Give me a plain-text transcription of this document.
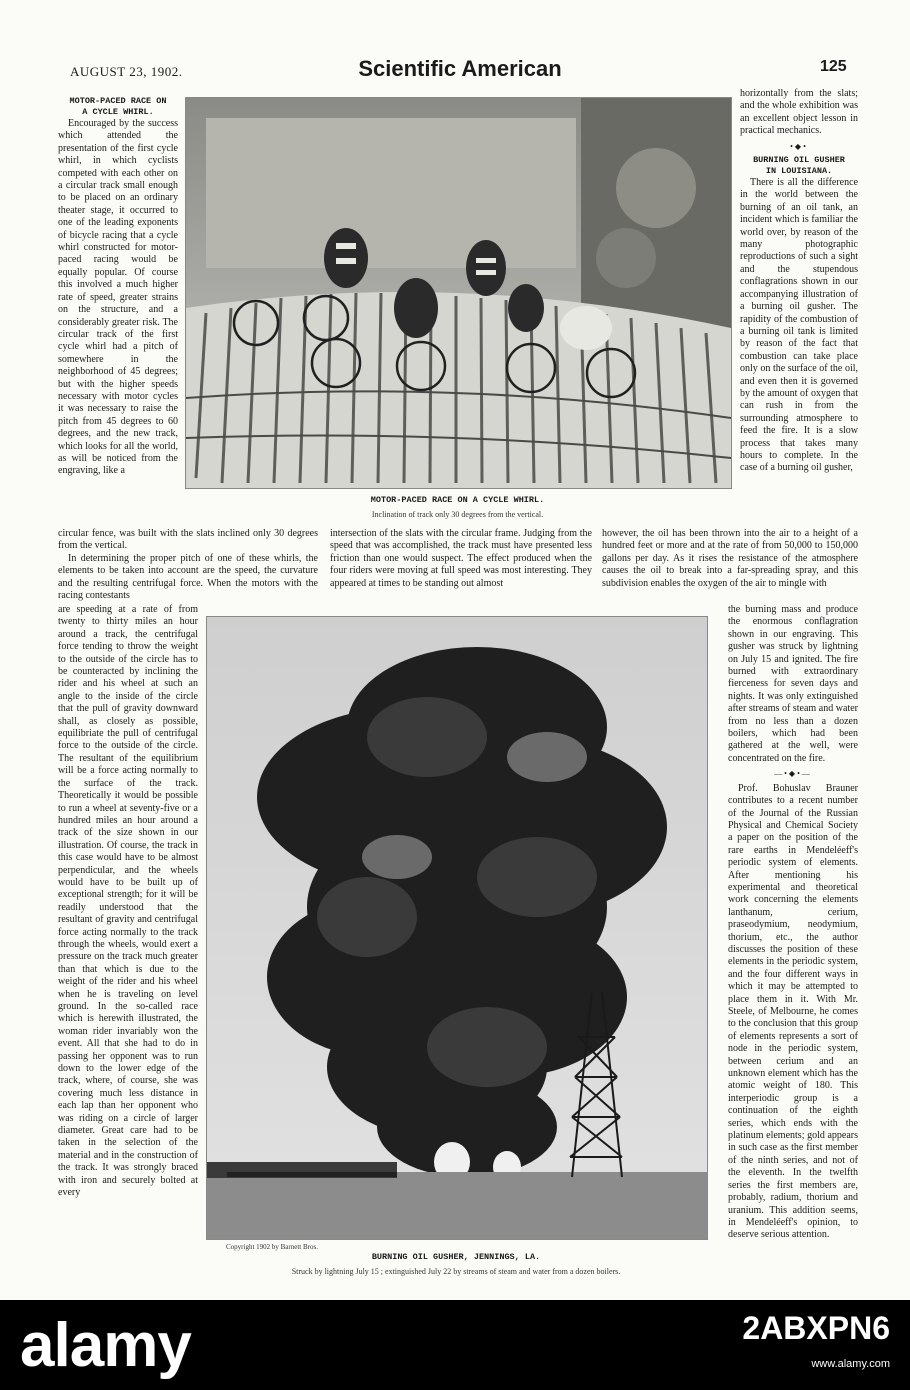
AUGUST 23, 1902.	Scientific American	125
MOTOR-PACED RACE ON
A CYCLE WHIRL.

Encouraged by the success which attended the presentation of the first cycle whirl, in which cyclists competed with each other on a circular track small enough to be placed on an ordinary theater stage, it occurred to one of the leading exponents of bicycle racing that a cycle whirl constructed for motor-paced racing would be equally popular. Of course this involved a much higher rate of speed, greater strains on the structure, and a considerably greater risk. The circular track of the first cycle whirl had a pitch of somewhere in the neighborhood of 45 degrees; but with the higher speeds necessary with motor cycles it was necessary to raise the pitch from 45 degrees to 60 degrees, and the new track, which looks for all the world, as will be noticed from the engraving, like a

MOTOR-PACED RACE ON A CYCLE WHIRL.
Inclination of track only 30 degrees from the vertical.

horizontally from the slats; and the whole exhibition was an excellent object lesson in practical mechanics.

•◆•
BURNING OIL GUSHER
IN LOUISIANA.

There is all the difference in the world between the burning of an oil tank, an incident which is familiar the world over, by reason of the many photographic reproductions of such a sight and the stupendous conflagrations shown in our accompanying illustration of a burning oil gusher. The rapidity of the combustion of a burning oil tank is limited by reason of the fact that combustion can take place only on the surface of the oil, and even then it is governed by the amount of oxygen that can rush in from the surrounding atmosphere to feed the fire. It is a slow process that takes many hours to complete. In the case of a burning oil gusher,

circular fence, was built with the slats inclined only 30 degrees from the vertical.

In determining the proper pitch of one of these whirls, the elements to be taken into account are the speed, the curvature and the resulting centrifugal force. When the motors with the racing contestants

intersection of the slats with the circular frame. Judging from the speed that was accomplished, the track must have presented less friction than one would suspect. The effect produced when the four riders were moving at full speed was most interesting. They appeared at times to be standing out almost

however, the oil has been thrown into the air to a height of a hundred feet or more and at the rate of from 50,000 to 150,000 gallons per day. As it rises the resistance of the atmosphere causes the oil to break into a far-spreading spray, and this subdivision enables the oxygen of the air to mingle with

are speeding at a rate of from twenty to thirty miles an hour around a track, the centrifugal force tending to throw the weight to the outside of the circle has to be counteracted by inclining the rider and his wheel at such an angle to the inside of the circle that the pull of gravity downward shall, as closely as possible, equilibriate the pull of centrifugal force to the outside of the circle. The resultant of the equilibrium will be a force acting normally to the surface of the track. Theoretically it would be possible to run a wheel at seventy-five or a hundred miles an hour around a track of the size shown in our illustration. Of course, the track in this case would have to be almost perpendicular, and the wheels would have to be built up of exceptional strength; for it will be readily understood that the resultant of gravity and centrifugal force acting normally to the track through the wheels, would exert a pressure on the track much greater than that which is due to the weight of the rider and his wheel when he is traveling on level ground. In the so-called race which is herewith illustrated, the woman rider invariably won the event. All that she had to do in passing her opponent was to run down to the lower edge of the track, where, of course, she was covering much less distance in each lap than her opponent who was riding on a circle of larger diameter. Great care had to be taken in the selection of the material and in the construction of the track. It was strongly braced with iron and securely bolted at every

Copyright 1902 by Barnett Bros.
BURNING OIL GUSHER, JENNINGS, LA.
Struck by lightning July 15 ; extinguished July 22 by streams of steam and water from a dozen boilers.

the burning mass and produce the enormous conflagration shown in our engraving. This gusher was struck by lightning on July 15 and ignited. The fire burned with extraordinary fierceness for seven days and nights. It was only extinguished after streams of steam and water from no less than a dozen boilers, which had been gathered at the well, were concentrated on the fire.

—•◆•—

Prof. Bohuslav Brauner contributes to a recent number of the Journal of the Russian Physical and Chemical Society a paper on the position of the rare earths in Mendeléeff's periodic system of elements. After mentioning his experimental and theoretical work concerning the elements lanthanum, cerium, praseodymium, neodymium, thorium, etc., the author discusses the position of these elements in the periodic system, and the four different ways in which it may be attempted to place them in it. With Mr. Steele, of Melbourne, he comes to the conclusion that this group of elements represents a sort of node in the periodic system, between cerium and an unknown element which has the atomic weight of 180. This interperiodic group is a continuation of the eighth series, which ends with the platinum elements; gold appears in such case as the first member of the ninth series, and not of the eleventh. In the twelfth series the first members are, probably, radium, thorium and uranium. This addition seems, in Mendeléeff's opinion, to deserve serious attention.

alamy	2ABXPN6
www.alamy.com
